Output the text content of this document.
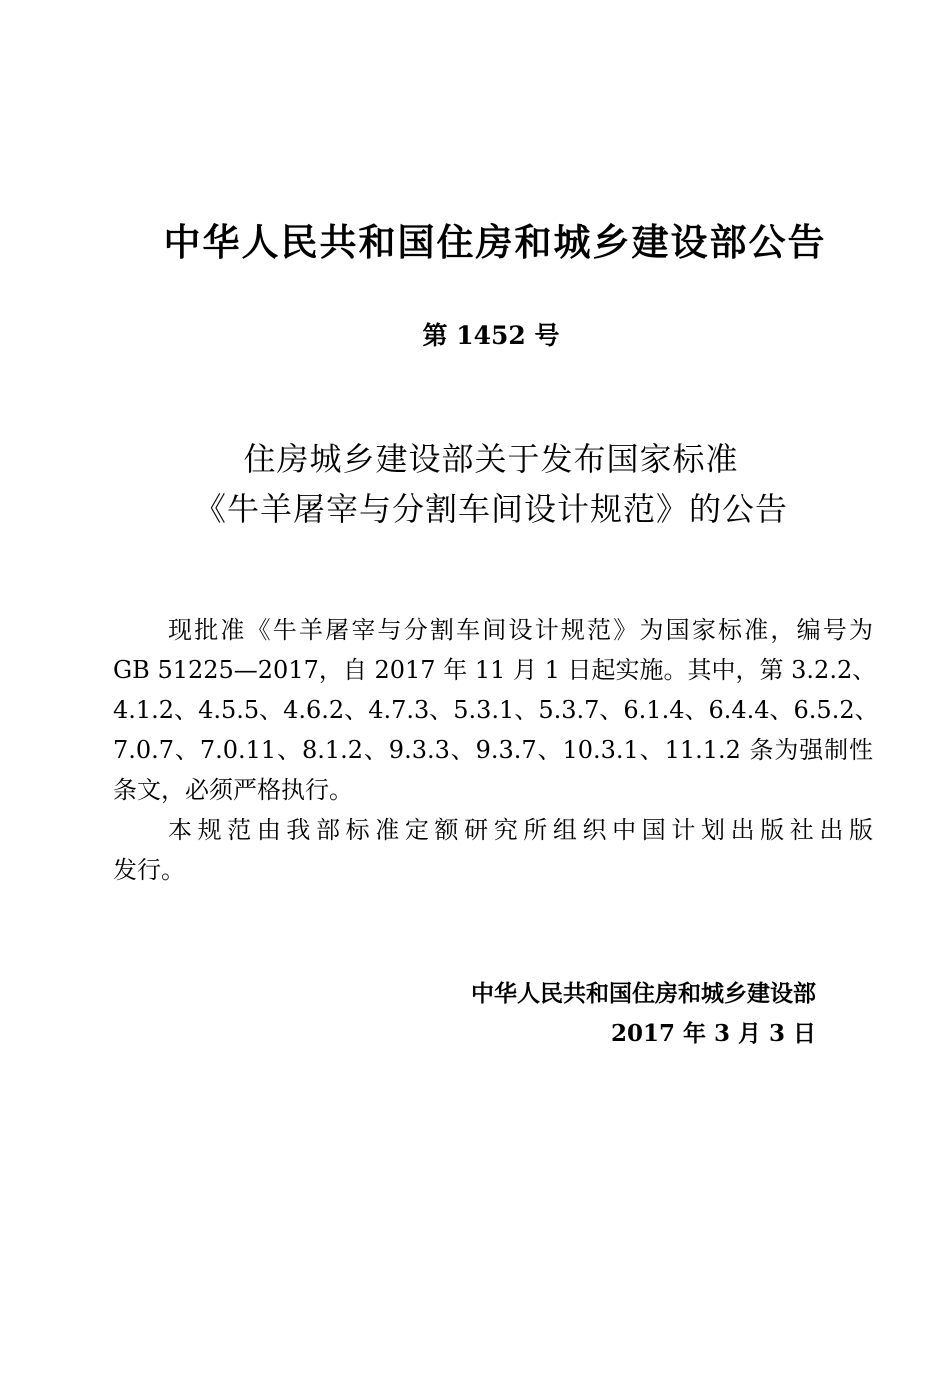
中华人民共和国住房和城乡建设部公告
第 1452 号
住房城乡建设部关于发布国家标准
《牛羊屠宰与分割车间设计规范》的公告
现批准《牛羊屠宰与分割车间设计规范》为国家标准，编号为
GB 51225—2017，自 2017 年 11 月 1 日起实施。其中，第 3.2.2、
4.1.2、4.5.5、4.6.2、4.7.3、5.3.1、5.3.7、6.1.4、6.4.4、6.5.2、
7.0.7、7.0.11、8.1.2、9.3.3、9.3.7、10.3.1、11.1.2 条为强制性
条文，必须严格执行。
本规范由我部标准定额研究所组织中国计划出版社出版
发行。
中华人民共和国住房和城乡建设部
2017 年 3 月 3 日
